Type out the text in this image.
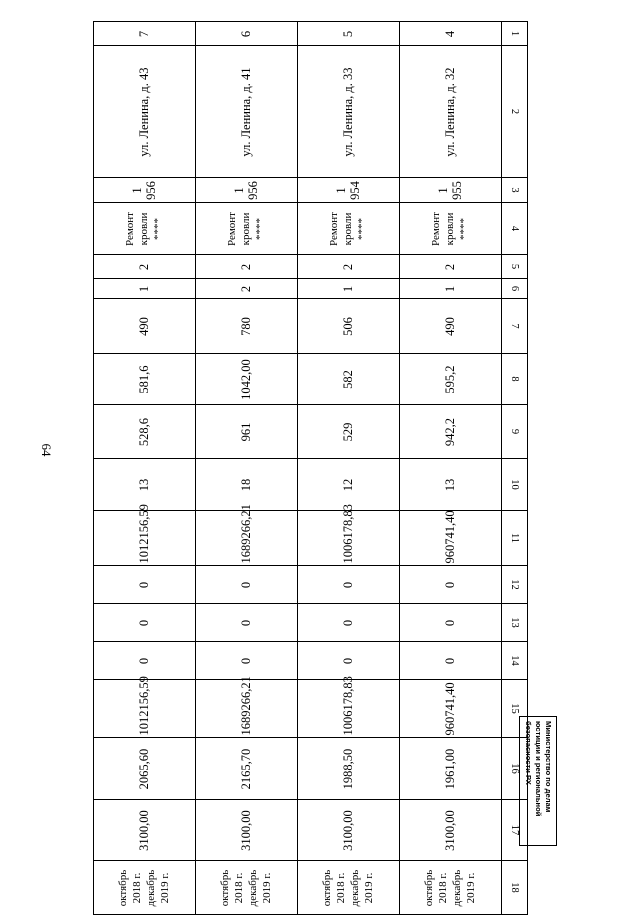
64
Министерство по делам
юстиции и региональной
безопасности РХ
1	2	3	4	5	6	7	8	9	10	11	12	13	14	15	16	17	18
4	ул. Ленина, д. 32	1 955	Ремонт кровли ****	2	1	490	595,2	942,2	13	960741,40	0	0	0	960741,40	1961,00	3100,00	октябрь 2018 г. декабрь 2019 г.

5	ул. Ленина, д. 33	1 954	Ремонт кровли ****	2	1	506	582	529	12	1006178,83	0	0	0	1006178,83	1988,50	3100,00	октябрь 2018 г. декабрь 2019 г.

6	ул. Ленина, д. 41	1 956	Ремонт кровли ****	2	2	780	1042,00	961	18	1689266,21	0	0	0	1689266,21	2165,70	3100,00	октябрь 2018 г. декабрь 2019 г.

7	ул. Ленина, д. 43	1 956	Ремонт кровли ****	2	1	490	581,6	528,6	13	1012156,59	0	0	0	1012156,59	2065,60	3100,00	октябрь 2018 г. декабрь 2019 г.
